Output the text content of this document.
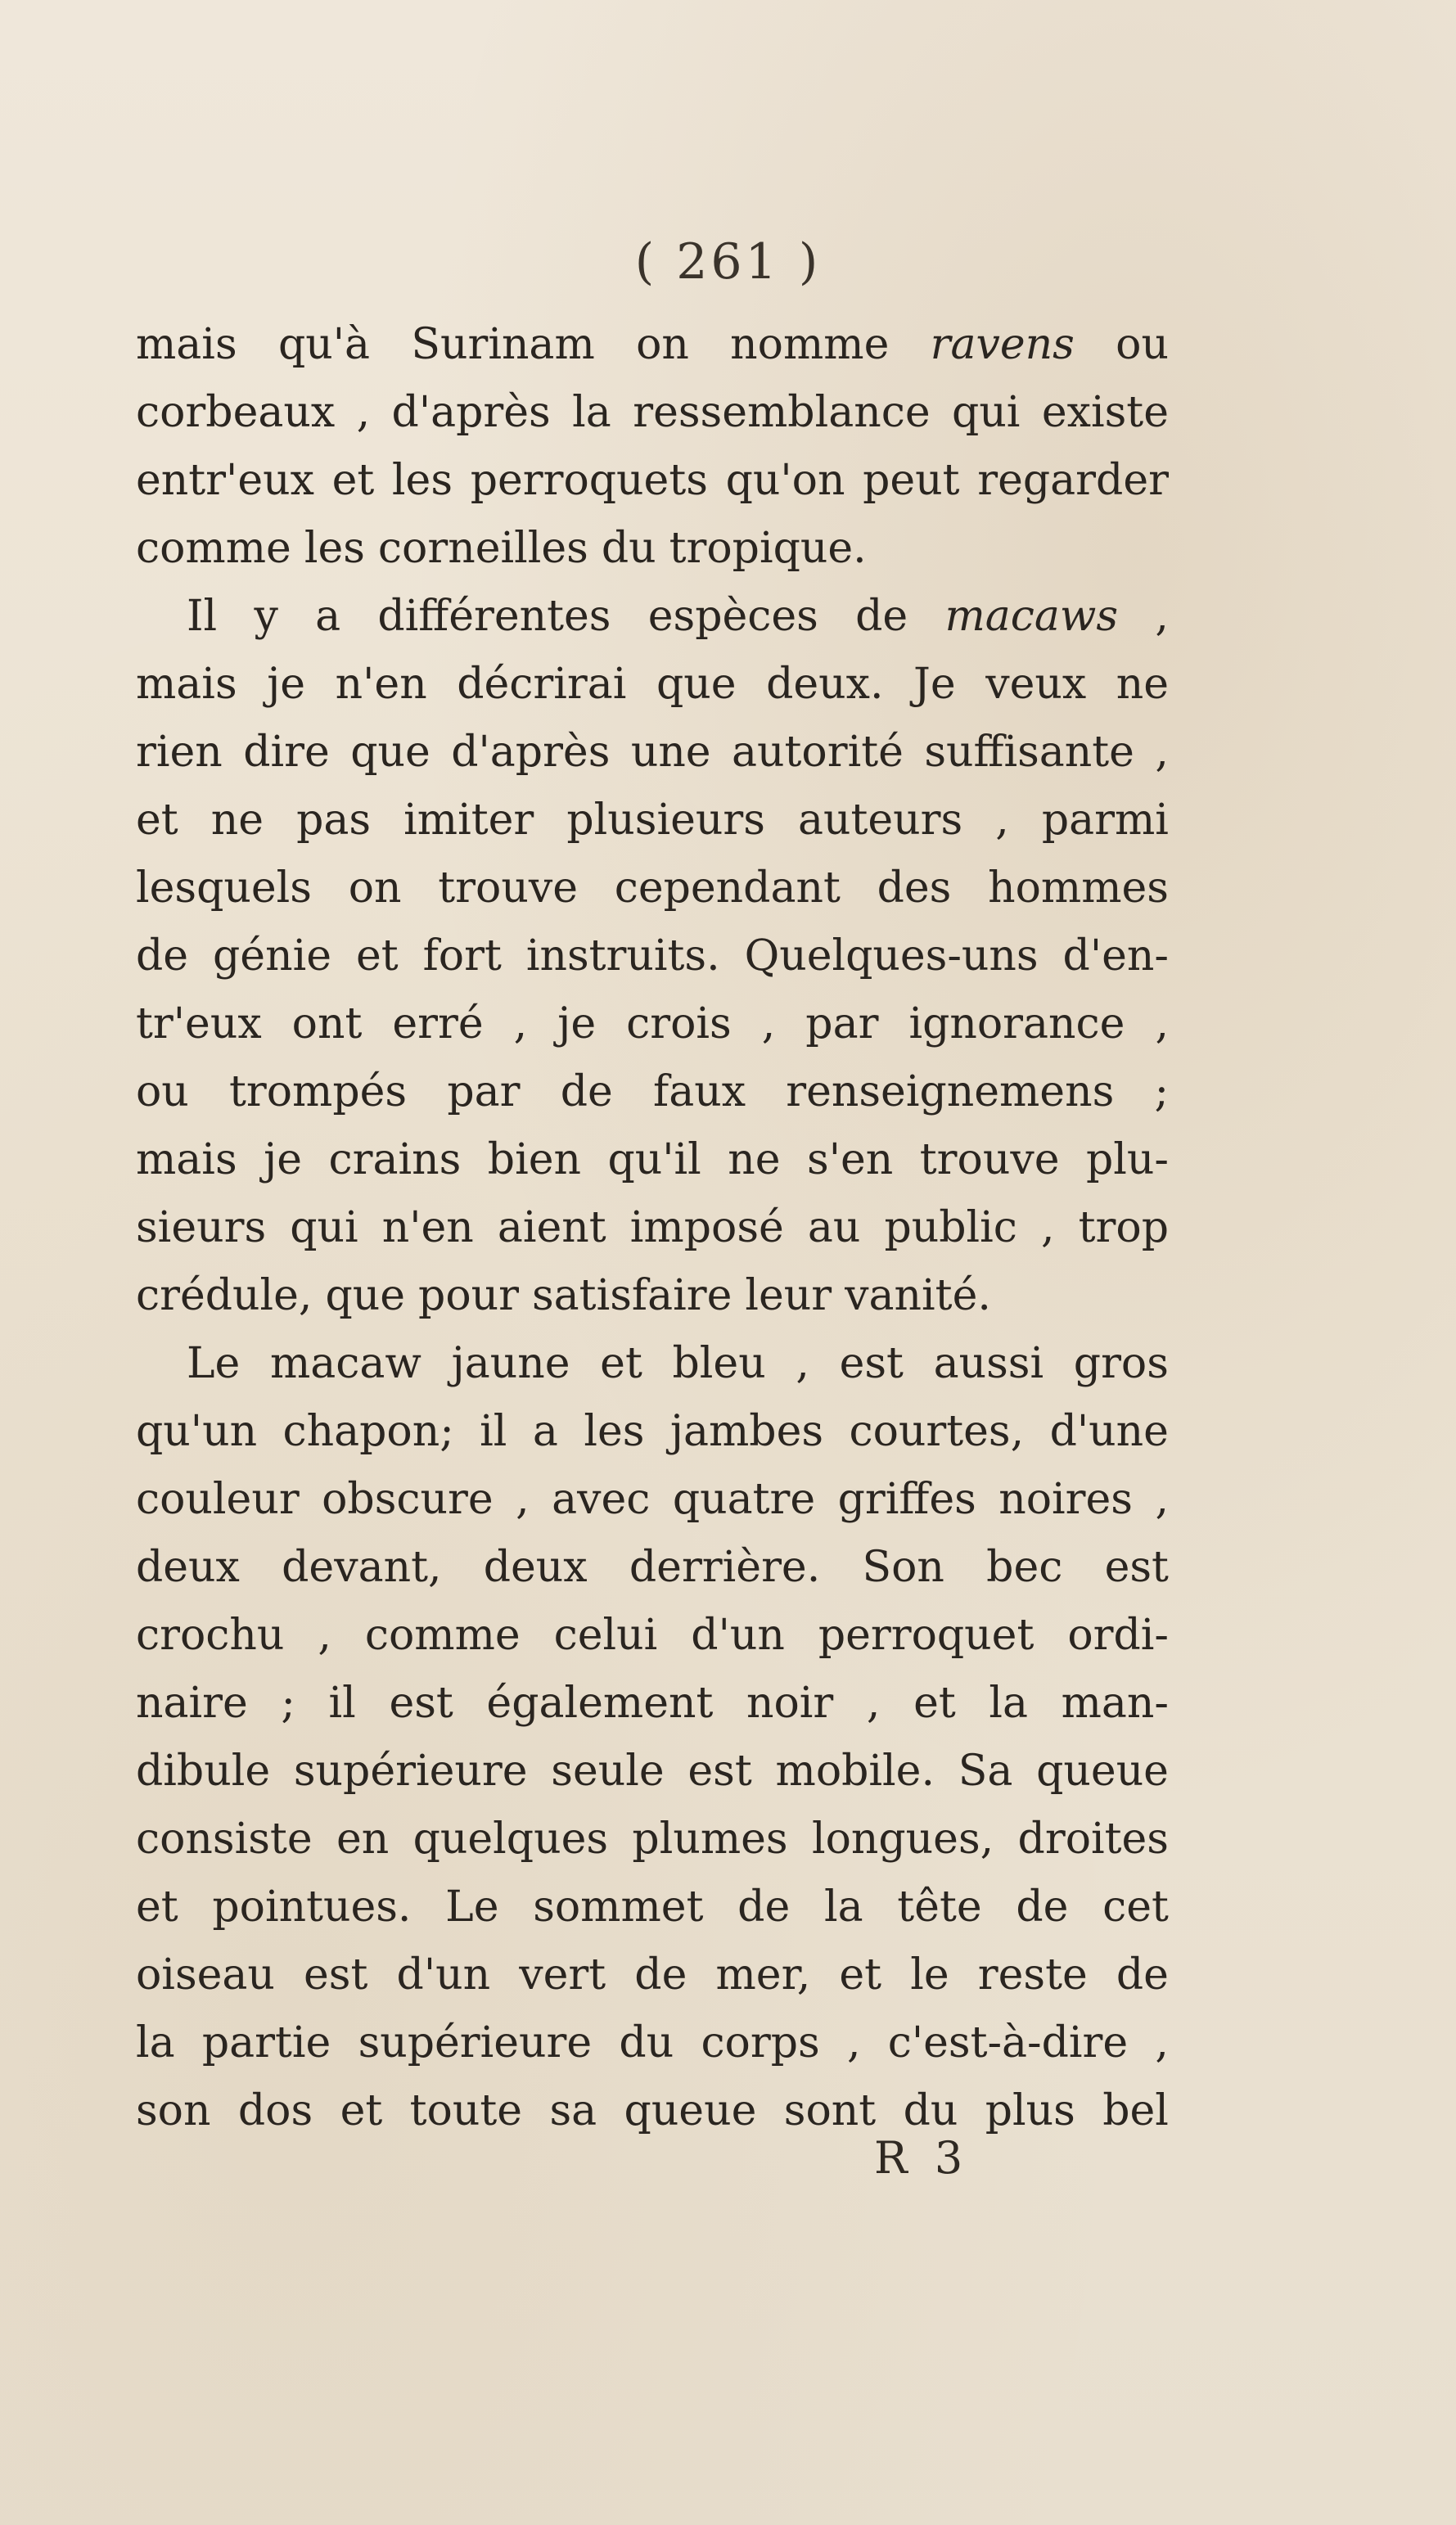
( 261 )
mais qu'à Surinam on nomme ravens ou
corbeaux , d'après la ressemblance qui existe
entr'eux et les perroquets qu'on peut regarder
comme les corneilles du tropique.
Il y a différentes espèces de macaws ,
mais je n'en décrirai que deux. Je veux ne
rien dire que d'après une autorité suffisante ,
et ne pas imiter plusieurs auteurs , parmi
lesquels on trouve cependant des hommes
de génie et fort instruits. Quelques-uns d'en-
tr'eux ont erré , je crois , par ignorance ,
ou trompés par de faux renseignemens ;
mais je crains bien qu'il ne s'en trouve plu-
sieurs qui n'en aient imposé au public , trop
crédule, que pour satisfaire leur vanité.
Le macaw jaune et bleu , est aussi gros
qu'un chapon; il a les jambes courtes, d'une
couleur obscure , avec quatre griffes noires ,
deux devant, deux derrière. Son bec est
crochu , comme celui d'un perroquet ordi-
naire ; il est également noir , et la man-
dibule supérieure seule est mobile. Sa queue
consiste en quelques plumes longues, droites
et pointues. Le sommet de la tête de cet
oiseau est d'un vert de mer, et le reste de
la partie supérieure du corps , c'est-à-dire ,
son dos et toute sa queue sont du plus bel
R 3
